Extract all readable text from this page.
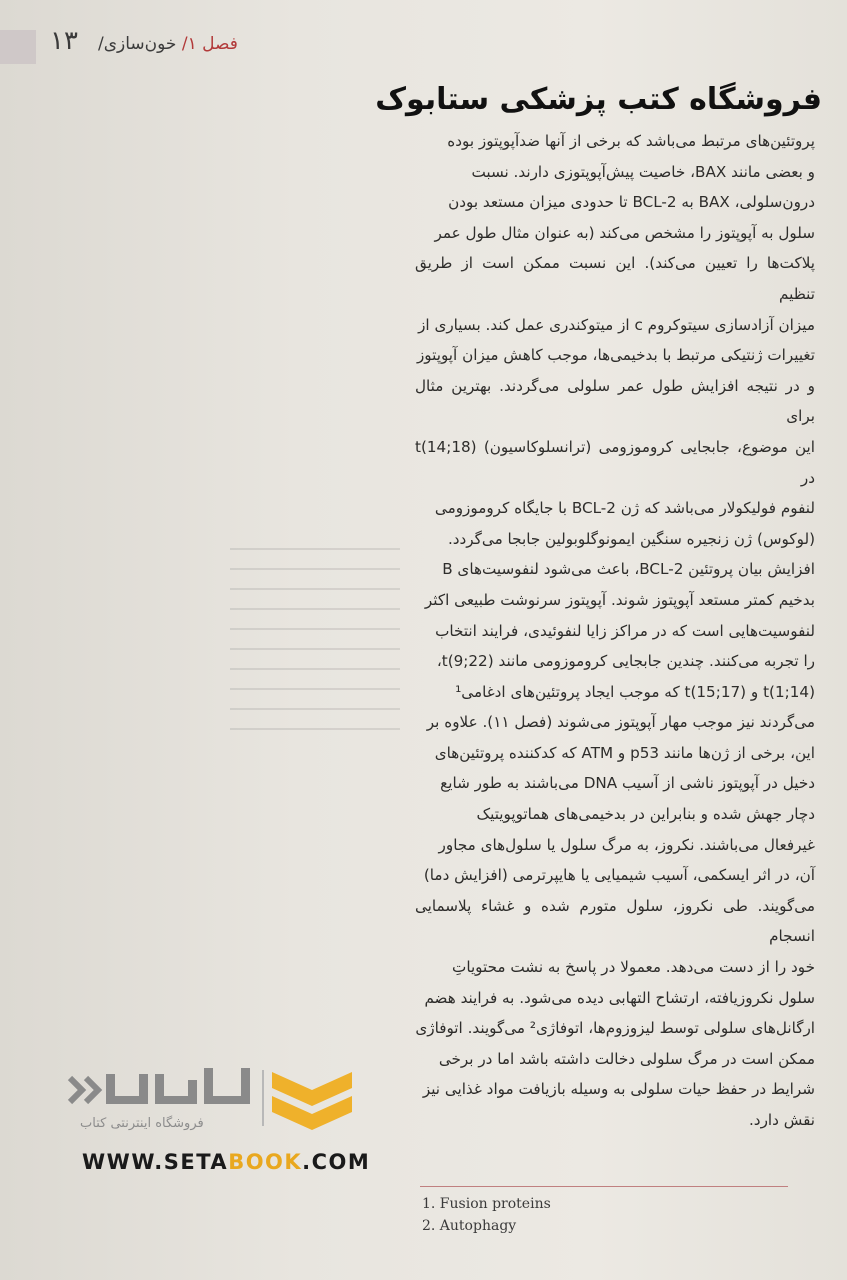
۱۳	فصل ۱/ خون‌سازی/
فروشگاه کتب پزشکی ستابوک

پروتئین‌های مرتبط می‌باشد که برخی از آنها ضدآپوپتوز بوده

و بعضی مانند BAX، خاصیت پیش‌آپوپتوزی دارند. نسبت

درون‌سلولی، BAX به BCL-2 تا حدودی میزان مستعد بودن

سلول به آپوپتوز را مشخص می‌کند (به عنوان مثال طول عمر

پلاکت‌ها را تعیین می‌کند). این نسبت ممکن است از طریق تنظیم

میزان آزادسازی سیتوکروم c از میتوکندری عمل کند. بسیاری از

تغییرات ژنتیکی مرتبط با بدخیمی‌ها، موجب کاهش میزان آپوپتوز

و در نتیجه افزایش طول عمر سلولی می‌گردند. بهترین مثال برای

این موضوع، جابجایی کروموزومی (ترانسلوکاسیون) t(14;18) در

لنفوم فولیکولار می‌باشد که ژن BCL-2 با جایگاه کروموزومی

(لوکوس) ژن زنجیره سنگین ایمونوگلوبولین جابجا می‌گردد.

افزایش بیان پروتئین BCL-2، باعث می‌شود لنفوسیت‌های B

بدخیم کمتر مستعد آپوپتوز شوند. آپوپتوز سرنوشت طبیعی اکثر

لنفوسیت‌هایی است که در مراکز زایا لنفوئیدی، فرایند انتخاب

را تجربه می‌کنند. چندین جابجایی کروموزومی مانند t(9;22)،

t(1;14) و t(15;17) که موجب ایجاد پروتئین‌های ادغامی¹

می‌گردند نیز موجب مهار آپوپتوز می‌شوند (فصل ۱۱). علاوه بر

این، برخی از ژن‌ها مانند p53 و ATM که کدکننده پروتئین‌های

دخیل در آپوپتوز ناشی از آسیب DNA می‌باشند به طور شایع

دچار جهش شده و بنابراین در بدخیمی‌های هماتوپویتیک

غیرفعال می‌باشند. نکروز، به مرگ سلول یا سلول‌های مجاور

آن، در اثر ایسکمی، آسیب شیمیایی یا هایپرترمی (افزایش دما)

می‌گویند. طی نکروز، سلول متورم شده و غشاء پلاسمایی انسجام

خود را از دست می‌دهد. معمولا در پاسخ به نشت محتویاتِ

سلول نکروزیافته، ارتشاح التهابی دیده می‌شود. به فرایند هضم

ارگانل‌های سلولی توسط لیزوزوم‌ها، اتوفاژی² می‌گویند. اتوفاژی

ممکن است در مرگ سلولی دخالت داشته باشد اما در برخی

شرایط در حفظ حیات سلولی به وسیله بازیافت مواد غذایی نیز

نقش دارد.

فروشگاه اینترنتی کتاب
WWW.SETABOOK.COM
1. Fusion proteins
2. Autophagy
